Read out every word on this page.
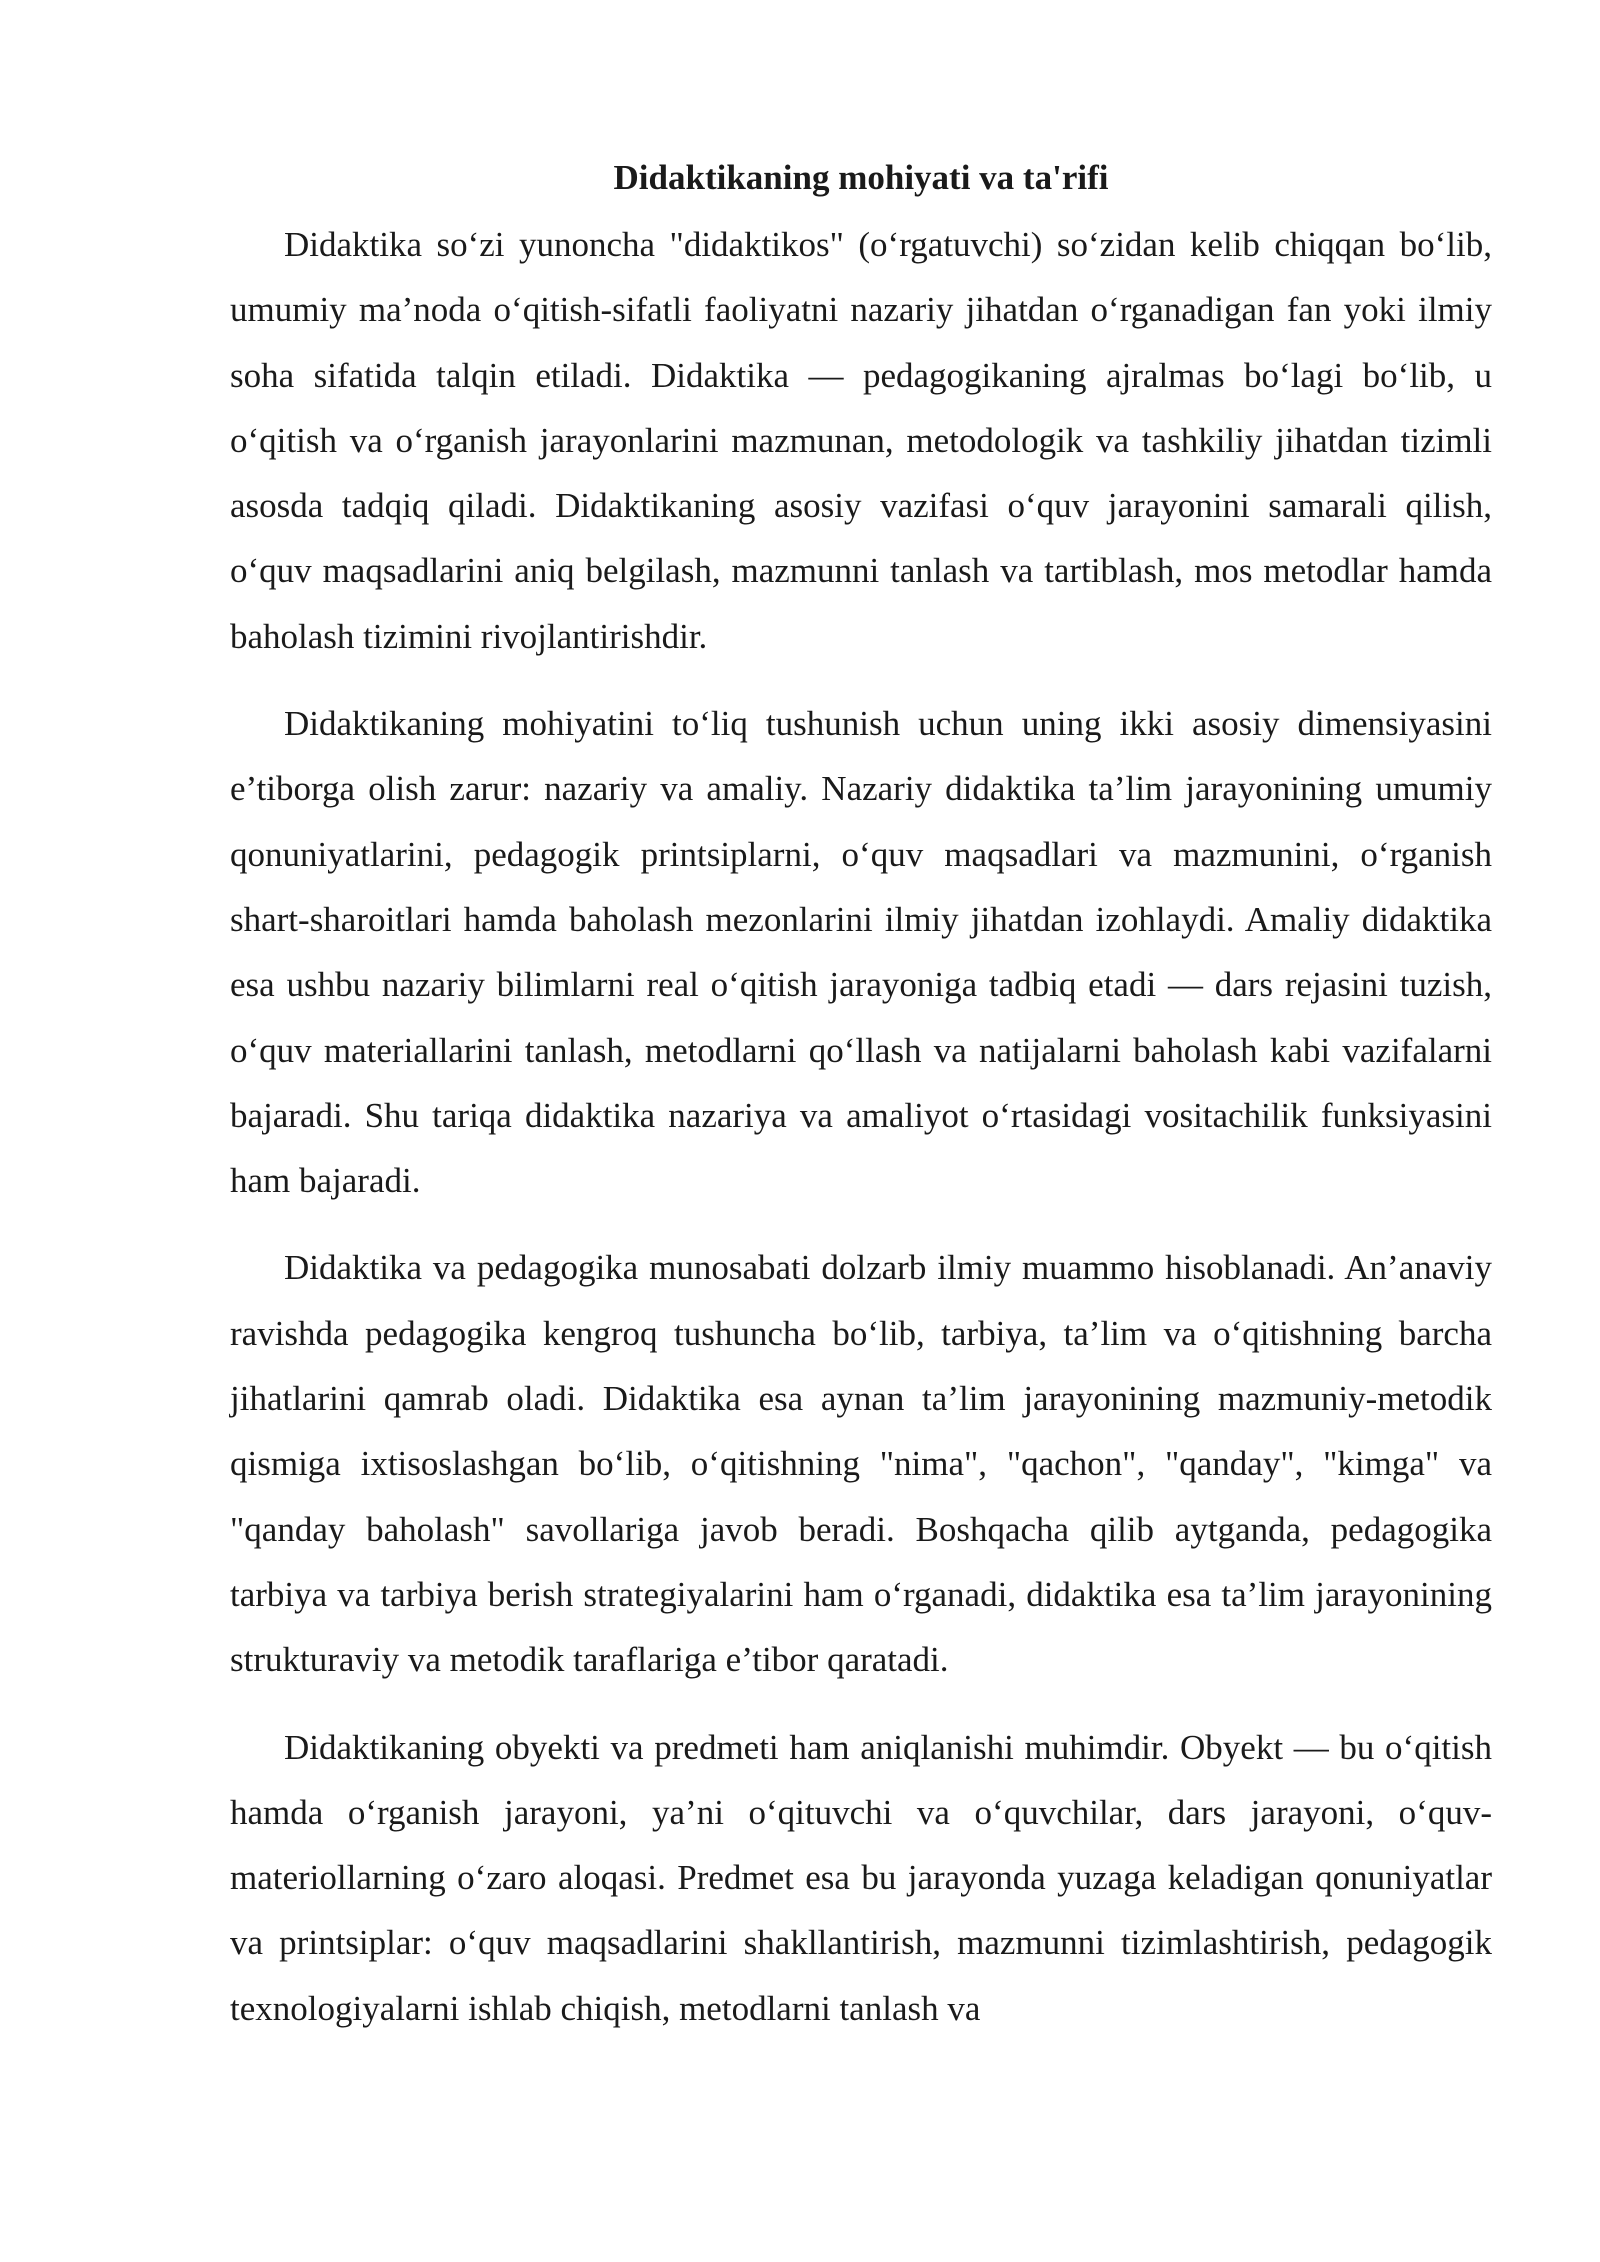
Didaktikaning mohiyati va ta'rifi

Didaktika so‘zi yunoncha "didaktikos" (o‘rgatuvchi) so‘zidan kelib chiqqan bo‘lib, umumiy ma’noda o‘qitish-sifatli faoliyatni nazariy jihatdan o‘rganadigan fan yoki ilmiy soha sifatida talqin etiladi. Didaktika — pedagogikaning ajralmas bo‘lagi bo‘lib, u o‘qitish va o‘rganish jarayonlarini mazmunan, metodologik va tashkiliy jihatdan tizimli asosda tadqiq qiladi. Didaktikaning asosiy vazifasi o‘quv jarayonini samarali qilish, o‘quv maqsadlarini aniq belgilash, mazmunni tanlash va tartiblash, mos metodlar hamda baholash tizimini rivojlantirishdir.

Didaktikaning mohiyatini to‘liq tushunish uchun uning ikki asosiy dimensiyasini e’tiborga olish zarur: nazariy va amaliy. Nazariy didaktika ta’lim jarayonining umumiy qonuniyatlarini, pedagogik printsiplarni, o‘quv maqsadlari va mazmunini, o‘rganish shart-sharoitlari hamda baholash mezonlarini ilmiy jihatdan izohlaydi. Amaliy didaktika esa ushbu nazariy bilimlarni real o‘qitish jarayoniga tadbiq etadi — dars rejasini tuzish, o‘quv materiallarini tanlash, metodlarni qo‘llash va natijalarni baholash kabi vazifalarni bajaradi. Shu tariqa didaktika nazariya va amaliyot o‘rtasidagi vositachilik funksiyasini ham bajaradi.

Didaktika va pedagogika munosabati dolzarb ilmiy muammo hisoblanadi. An’anaviy ravishda pedagogika kengroq tushuncha bo‘lib, tarbiya, ta’lim va o‘qitishning barcha jihatlarini qamrab oladi. Didaktika esa aynan ta’lim jarayonining mazmuniy-metodik qismiga ixtisoslashgan bo‘lib, o‘qitishning "nima", "qachon", "qanday", "kimga" va "qanday baholash" savollariga javob beradi. Boshqacha qilib aytganda, pedagogika tarbiya va tarbiya berish strategiyalarini ham o‘rganadi, didaktika esa ta’lim jarayonining strukturaviy va metodik taraflariga e’tibor qaratadi.

Didaktikaning obyekti va predmeti ham aniqlanishi muhimdir. Obyekt — bu o‘qitish hamda o‘rganish jarayoni, ya’ni o‘qituvchi va o‘quvchilar, dars jarayoni, o‘quv-materiollarning o‘zaro aloqasi. Predmet esa bu jarayonda yuzaga keladigan qonuniyatlar va printsiplar: o‘quv maqsadlarini shakllantirish, mazmunni tizimlashtirish, pedagogik texnologiyalarni ishlab chiqish, metodlarni tanlash va
